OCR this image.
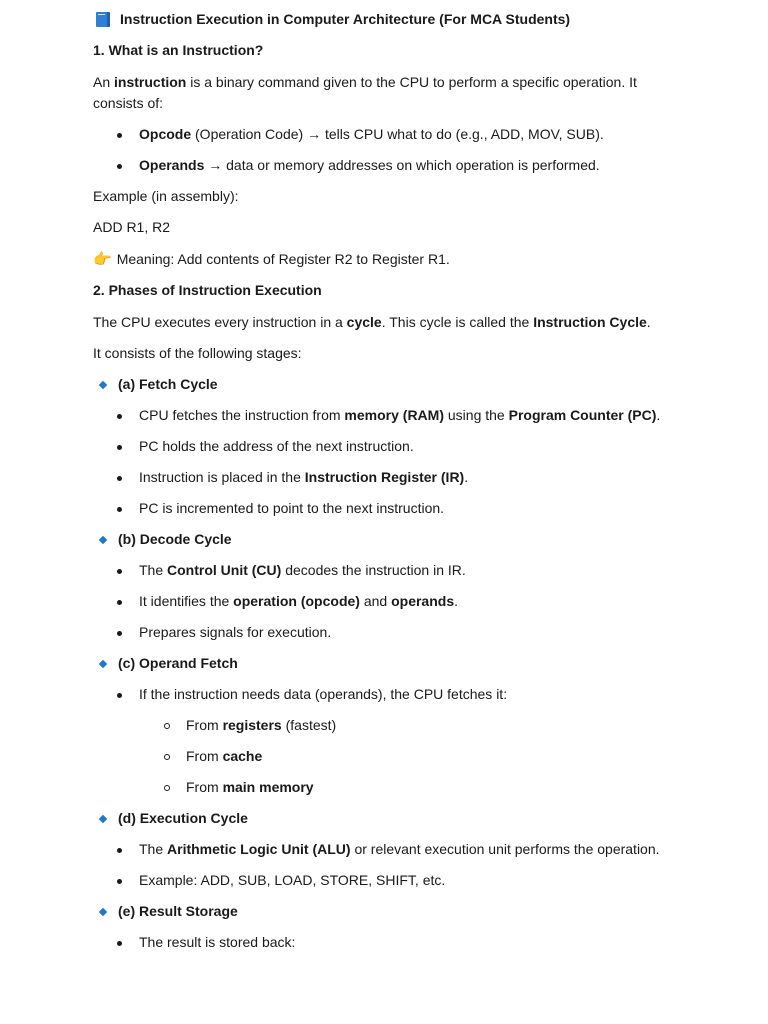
Instruction Execution in Computer Architecture (For MCA Students)

1. What is an Instruction?

An instruction is a binary command given to the CPU to perform a specific operation. It consists of:

Opcode (Operation Code) → tells CPU what to do (e.g., ADD, MOV, SUB).
Operands → data or memory addresses on which operation is performed.

Example (in assembly):

ADD R1, R2

👉 Meaning: Add contents of Register R2 to Register R1.

2. Phases of Instruction Execution

The CPU executes every instruction in a cycle. This cycle is called the Instruction Cycle.

It consists of the following stages:

(a) Fetch Cycle
CPU fetches the instruction from memory (RAM) using the Program Counter (PC).
PC holds the address of the next instruction.
Instruction is placed in the Instruction Register (IR).
PC is incremented to point to the next instruction.
(b) Decode Cycle
The Control Unit (CU) decodes the instruction in IR.
It identifies the operation (opcode) and operands.
Prepares signals for execution.
(c) Operand Fetch
If the instruction needs data (operands), the CPU fetches it:
From registers (fastest)
From cache
From main memory
(d) Execution Cycle
The Arithmetic Logic Unit (ALU) or relevant execution unit performs the operation.
Example: ADD, SUB, LOAD, STORE, SHIFT, etc.
(e) Result Storage
The result is stored back:
